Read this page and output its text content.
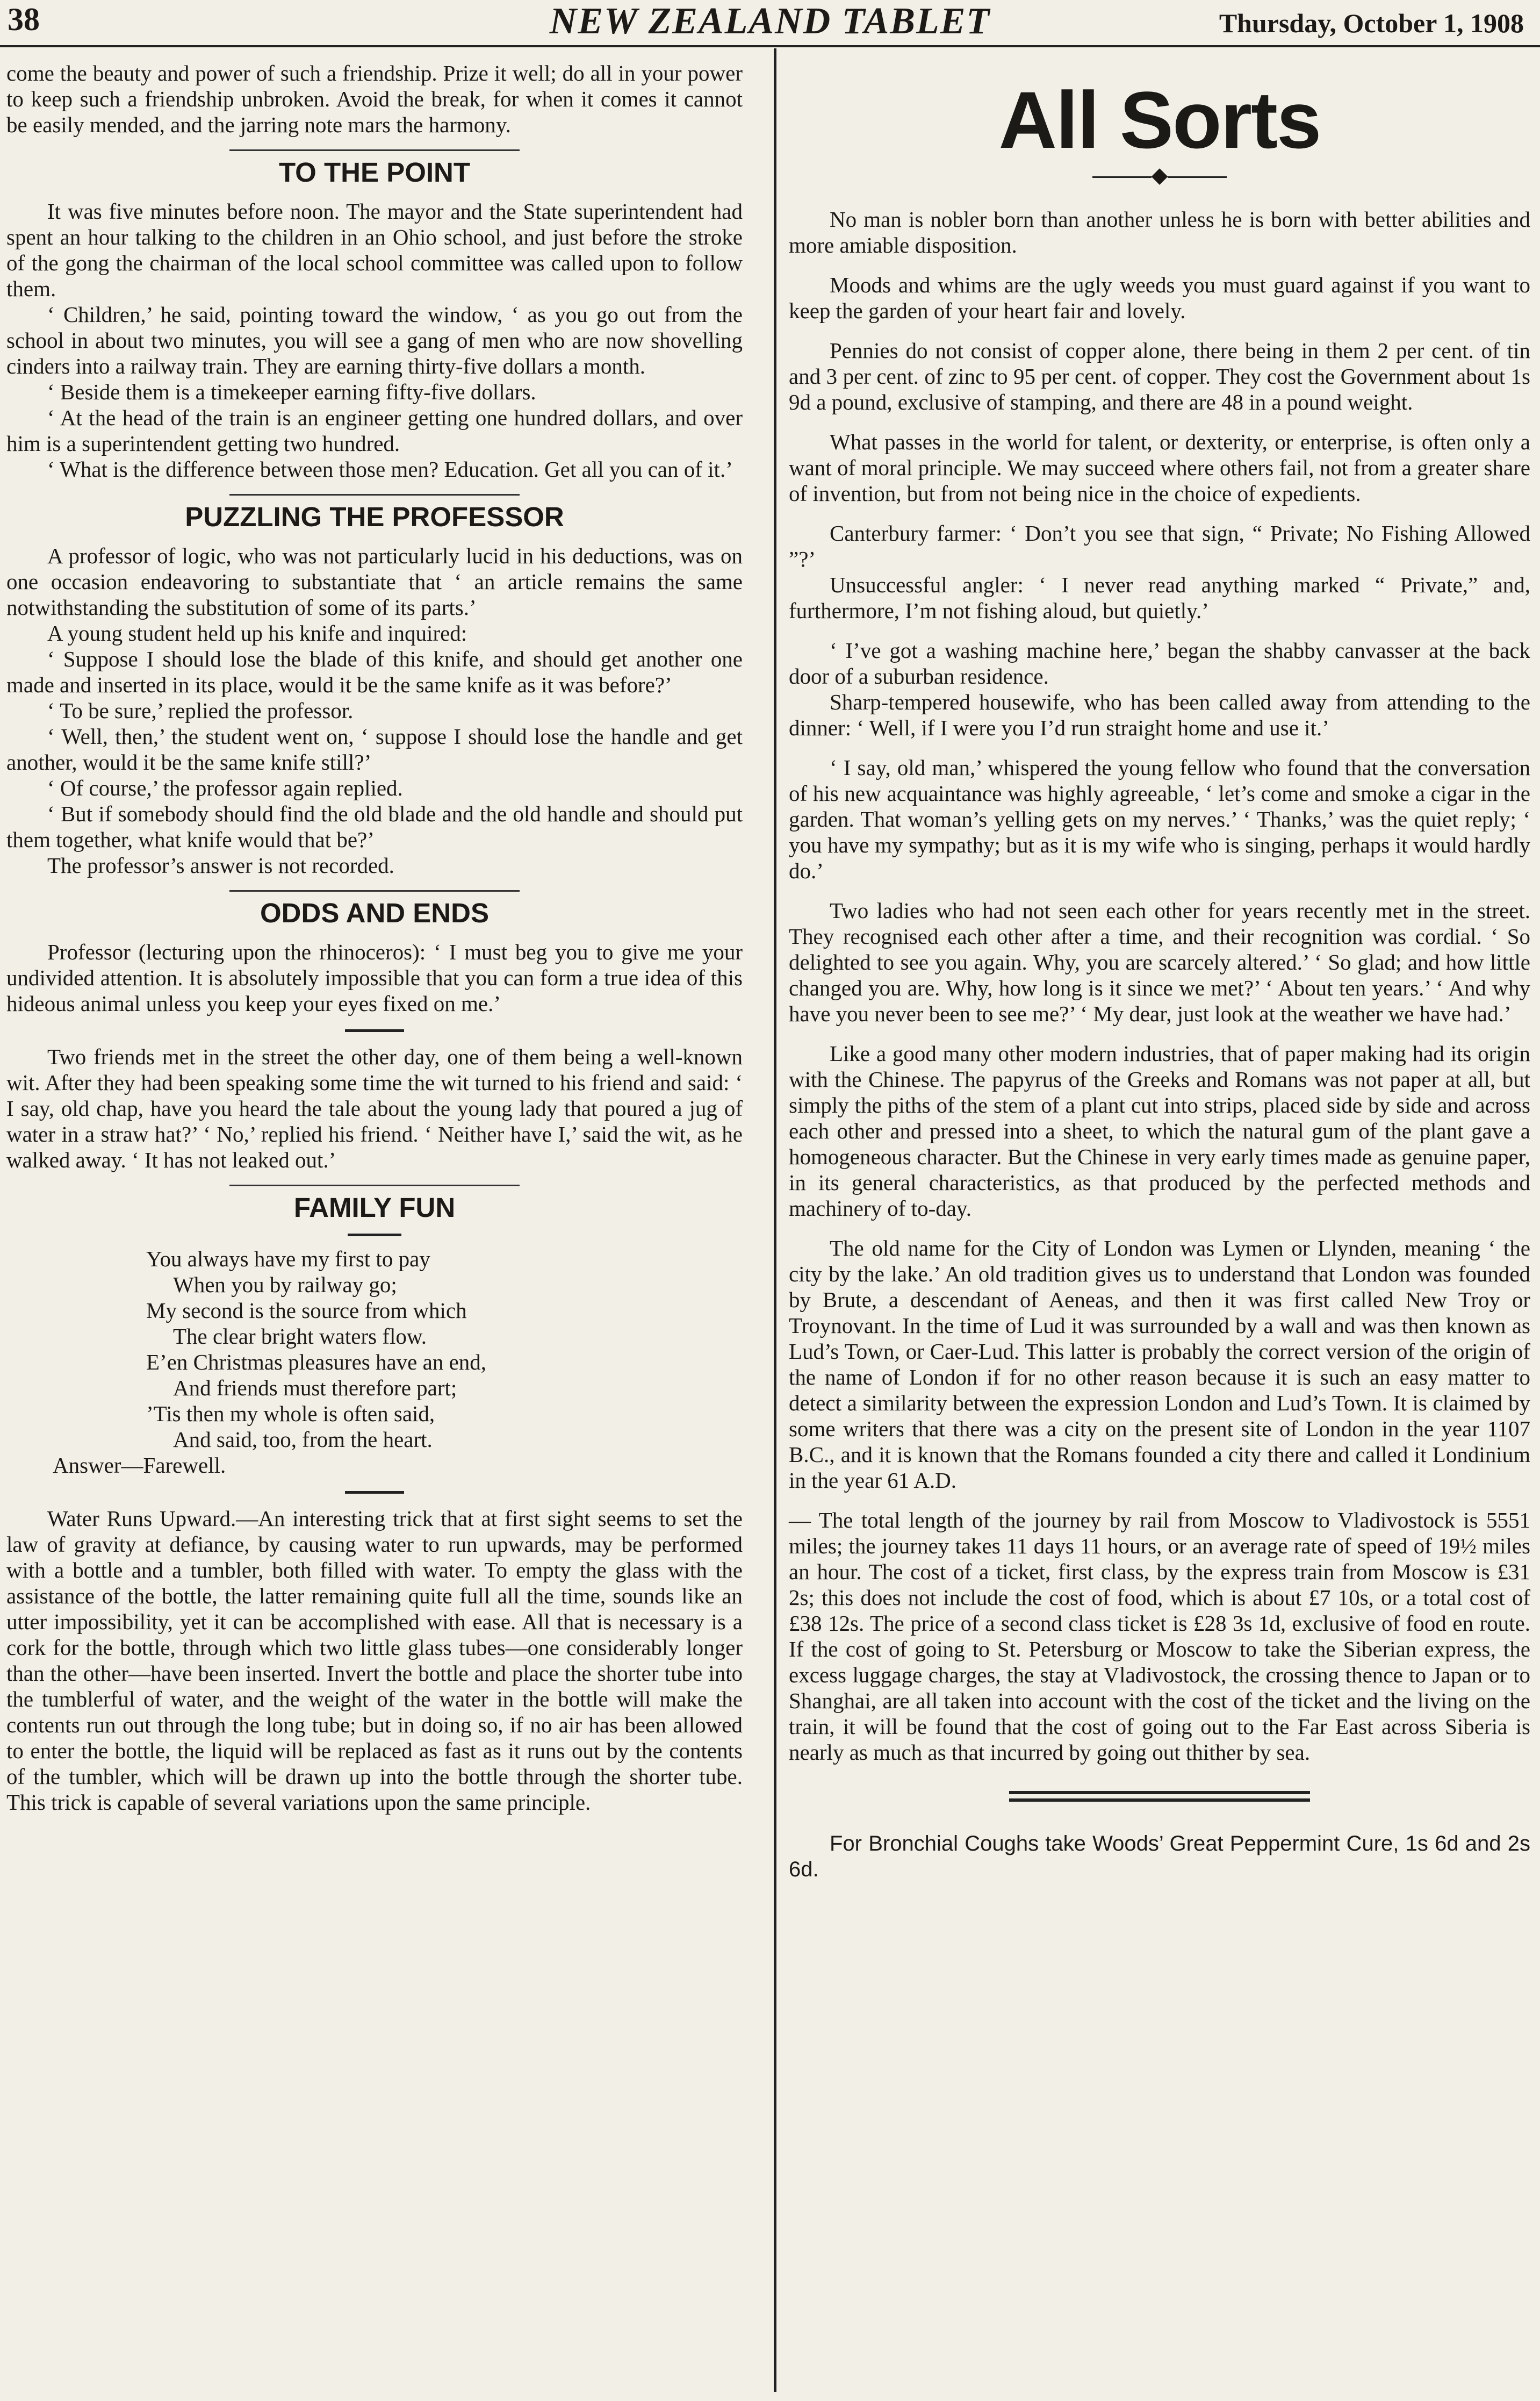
38	NEW ZEALAND TABLET	Thursday, October 1, 1908

come the beauty and power of such a friendship. Prize it well; do all in your power to keep such a friendship unbroken. Avoid the break, for when it comes it cannot be easily mended, and the jarring note mars the harmony.

TO THE POINT

It was five minutes before noon. The mayor and the State superintendent had spent an hour talking to the children in an Ohio school, and just before the stroke of the gong the chairman of the local school committee was called upon to follow them.

‘ Children,’ he said, pointing toward the window, ‘ as you go out from the school in about two minutes, you will see a gang of men who are now shovelling cinders into a railway train. They are earning thirty-five dollars a month.

‘ Beside them is a timekeeper earning fifty-five dollars.

‘ At the head of the train is an engineer getting one hundred dollars, and over him is a superintendent getting two hundred.

‘ What is the difference between those men? Education. Get all you can of it.’

PUZZLING THE PROFESSOR

A professor of logic, who was not particularly lucid in his deductions, was on one occasion endeavoring to substantiate that ‘ an article remains the same notwithstanding the substitution of some of its parts.’

A young student held up his knife and inquired:

‘ Suppose I should lose the blade of this knife, and should get another one made and inserted in its place, would it be the same knife as it was before?’

‘ To be sure,’ replied the professor.

‘ Well, then,’ the student went on, ‘ suppose I should lose the handle and get another, would it be the same knife still?’

‘ Of course,’ the professor again replied.

‘ But if somebody should find the old blade and the old handle and should put them together, what knife would that be?’

The professor’s answer is not recorded.

ODDS AND ENDS

Professor (lecturing upon the rhinoceros): ‘ I must beg you to give me your undivided attention. It is absolutely impossible that you can form a true idea of this hideous animal unless you keep your eyes fixed on me.’

Two friends met in the street the other day, one of them being a well-known wit. After they had been speaking some time the wit turned to his friend and said: ‘ I say, old chap, have you heard the tale about the young lady that poured a jug of water in a straw hat?’ ‘ No,’ replied his friend. ‘ Neither have I,’ said the wit, as he walked away. ‘ It has not leaked out.’

FAMILY FUN
You always have my first to pay
When you by railway go;
My second is the source from which
The clear bright waters flow.
E’en Christmas pleasures have an end,
And friends must therefore part;
’Tis then my whole is often said,
And said, too, from the heart.
Answer—Farewell.

Water Runs Upward.—An interesting trick that at first sight seems to set the law of gravity at defiance, by causing water to run upwards, may be performed with a bottle and a tumbler, both filled with water. To empty the glass with the assistance of the bottle, the latter remaining quite full all the time, sounds like an utter impossibility, yet it can be accomplished with ease. All that is necessary is a cork for the bottle, through which two little glass tubes—one considerably longer than the other—have been inserted. Invert the bottle and place the shorter tube into the tumblerful of water, and the weight of the water in the bottle will make the contents run out through the long tube; but in doing so, if no air has been allowed to enter the bottle, the liquid will be replaced as fast as it runs out by the contents of the tumbler, which will be drawn up into the bottle through the shorter tube. This trick is capable of several variations upon the same principle.

All Sorts
◆

No man is nobler born than another unless he is born with better abilities and more amiable disposition.

Moods and whims are the ugly weeds you must guard against if you want to keep the garden of your heart fair and lovely.

Pennies do not consist of copper alone, there being in them 2 per cent. of tin and 3 per cent. of zinc to 95 per cent. of copper. They cost the Government about 1s 9d a pound, exclusive of stamping, and there are 48 in a pound weight.

What passes in the world for talent, or dexterity, or enterprise, is often only a want of moral principle. We may succeed where others fail, not from a greater share of invention, but from not being nice in the choice of expedients.

Canterbury farmer: ‘ Don’t you see that sign, “ Private; No Fishing Allowed ”?’

Unsuccessful angler: ‘ I never read anything marked “ Private,” and, furthermore, I’m not fishing aloud, but quietly.’

‘ I’ve got a washing machine here,’ began the shabby canvasser at the back door of a suburban residence.

Sharp-tempered housewife, who has been called away from attending to the dinner: ‘ Well, if I were you I’d run straight home and use it.’

‘ I say, old man,’ whispered the young fellow who found that the conversation of his new acquaintance was highly agreeable, ‘ let’s come and smoke a cigar in the garden. That woman’s yelling gets on my nerves.’ ‘ Thanks,’ was the quiet reply; ‘ you have my sympathy; but as it is my wife who is singing, perhaps it would hardly do.’

Two ladies who had not seen each other for years recently met in the street. They recognised each other after a time, and their recognition was cordial. ‘ So delighted to see you again. Why, you are scarcely altered.’ ‘ So glad; and how little changed you are. Why, how long is it since we met?’ ‘ About ten years.’ ‘ And why have you never been to see me?’ ‘ My dear, just look at the weather we have had.’

Like a good many other modern industries, that of paper making had its origin with the Chinese. The papyrus of the Greeks and Romans was not paper at all, but simply the piths of the stem of a plant cut into strips, placed side by side and across each other and pressed into a sheet, to which the natural gum of the plant gave a homogeneous character. But the Chinese in very early times made as genuine paper, in its general characteristics, as that produced by the perfected methods and machinery of to-day.

The old name for the City of London was Lymen or Llynden, meaning ‘ the city by the lake.’ An old tradition gives us to understand that London was founded by Brute, a descendant of Aeneas, and then it was first called New Troy or Troynovant. In the time of Lud it was surrounded by a wall and was then known as Lud’s Town, or Caer-Lud. This latter is probably the correct version of the origin of the name of London if for no other reason because it is such an easy matter to detect a similarity between the expression London and Lud’s Town. It is claimed by some writers that there was a city on the present site of London in the year 1107 B.C., and it is known that the Romans founded a city there and called it Londinium in the year 61 A.D.

— The total length of the journey by rail from Moscow to Vladivostock is 5551 miles; the journey takes 11 days 11 hours, or an average rate of speed of 19½ miles an hour. The cost of a ticket, first class, by the express train from Moscow is £31 2s; this does not include the cost of food, which is about £7 10s, or a total cost of £38 12s. The price of a second class ticket is £28 3s 1d, exclusive of food en route. If the cost of going to St. Petersburg or Moscow to take the Siberian express, the excess luggage charges, the stay at Vladivostock, the crossing thence to Japan or to Shanghai, are all taken into account with the cost of the ticket and the living on the train, it will be found that the cost of going out to the Far East across Siberia is nearly as much as that incurred by going out thither by sea.

For Bronchial Coughs take Woods’ Great Peppermint Cure, 1s 6d and 2s 6d.
